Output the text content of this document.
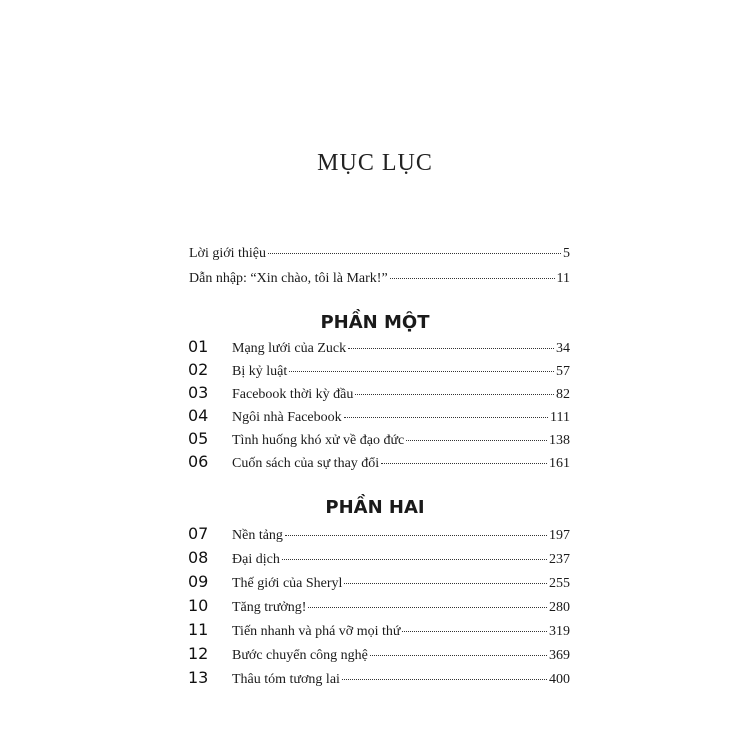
MỤC LỤC
Lời giới thiệu	5
Dẫn nhập: “Xin chào, tôi là Mark!”	11
PHẦN MỘT
01	Mạng lưới của Zuck	34
02	Bị kỷ luật	57
03	Facebook thời kỳ đầu	82
04	Ngôi nhà Facebook	111
05	Tình huống khó xử về đạo đức	138
06	Cuốn sách của sự thay đổi	161
PHẦN HAI
07	Nền tảng	197
08	Đại dịch	237
09	Thế giới của Sheryl	255
10	Tăng trưởng!	280
11	Tiến nhanh và phá vỡ mọi thứ	319
12	Bước chuyển công nghệ	369
13	Thâu tóm tương lai	400
